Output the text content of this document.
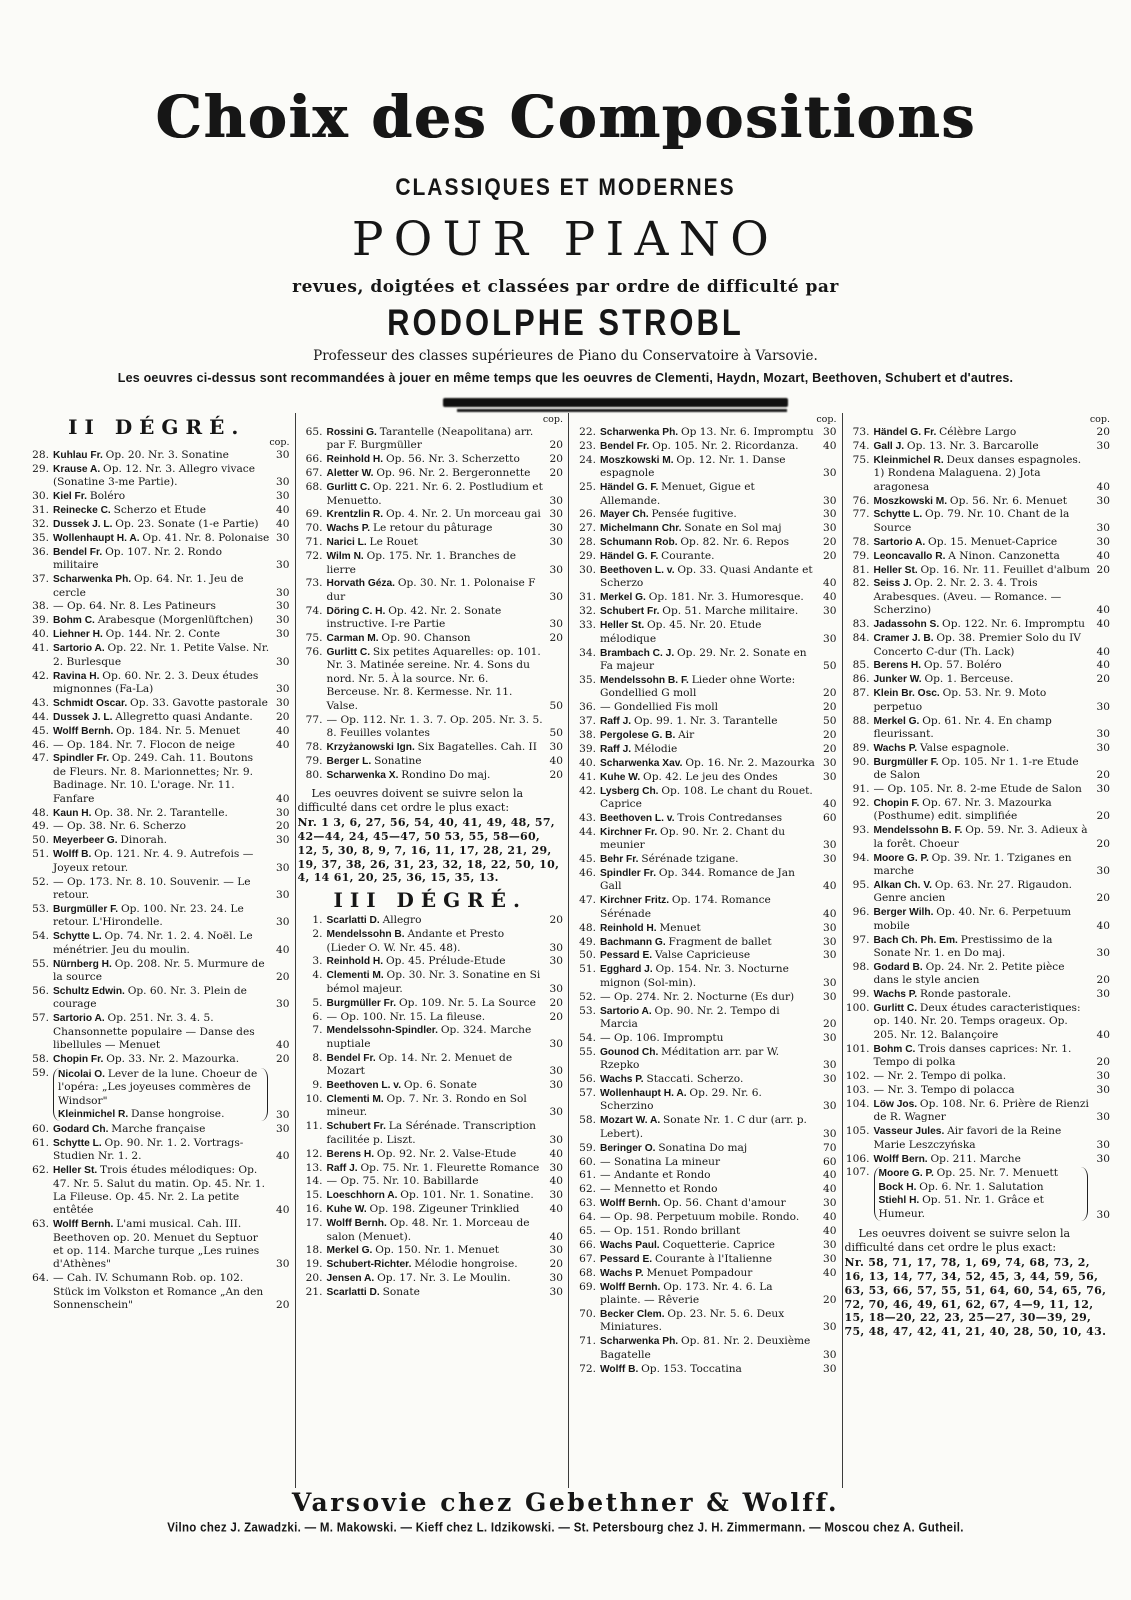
Choix des Compositions
CLASSIQUES ET MODERNES
POUR PIANO
revues, doigtées et classées par ordre de difficulté par
RODOLPHE STROBL
Professeur des classes supérieures de Piano du Conservatoire à Varsovie.
Les oeuvres ci-dessus sont recommandées à jouer en même temps que les oeuvres de Clementi, Haydn, Mozart, Beethoven, Schubert et d'autres.
II DÉGRÉ.
cop.
28. Kuhlau Fr. Op. 20. Nr. 3. Sonatine	30
29. Krause A. Op. 12. Nr. 3. Allegro vivace (Sonatine 3-me Partie).	30
30. Kiel Fr. Boléro	30
31. Reinecke C. Scherzo et Etude	40
32. Dussek J. L. Op. 23. Sonate (1-e Partie)	40
35. Wollenhaupt H. A. Op. 41. Nr. 8. Polonaise 30
36. Bendel Fr. Op. 107. Nr. 2. Rondo militaire	30
37. Scharwenka Ph. Op. 64. Nr. 1. Jeu de cercle	30
38. — Op. 64. Nr. 8. Les Patineurs	30
39. Bohm C. Arabesque (Morgenlüftchen)	30
40. Liehner H. Op. 144. Nr. 2. Conte	30
41. Sartorio A. Op. 22. Nr. 1. Petite Valse. Nr. 2. Burlesque	30
42. Ravina H. Op. 60. Nr. 2. 3. Deux études mignonnes (Fa-La)	30
43. Schmidt Oscar. Op. 33. Gavotte pastorale 30
44. Dussek J. L. Allegretto quasi Andante.	20
45. Wolff Bernh. Op. 184. Nr. 5. Menuet	40
46. — Op. 184. Nr. 7. Flocon de neige	40
47. Spindler Fr. Op. 249. Cah. 11. Boutons de Fleurs. Nr. 8. Marionnettes; Nr. 9. Badinage. Nr. 10. L'orage. Nr. 11. Fanfare	40
48. Kaun H. Op. 38. Nr. 2. Tarantelle.	30
49. — Op. 38. Nr. 6. Scherzo	20
50. Meyerbeer G. Dinorah.	30
51. Wolff B. Op. 121. Nr. 4. 9. Autrefois — Joyeux retour.	30
52. — Op. 173. Nr. 8. 10. Souvenir. — Le retour.	30
53. Burgmüller F. Op. 100. Nr. 23. 24. Le retour. L'Hirondelle.	30
54. Schytte L. Op. 74. Nr. 1. 2. 4. Noël. Le ménétrier. Jeu du moulin.	40
55. Nürnberg H. Op. 208. Nr. 5. Murmure de la source	20
56. Schultz Edwin. Op. 60. Nr. 3. Plein de courage	30
57. Sartorio A. Op. 251. Nr. 3. 4. 5. Chansonnette populaire — Danse des libellules — Menuet	40
58. Chopin Fr. Op. 33. Nr. 2. Mazourka.	20
59. Nicolai O. Lever de la lune. Choeur de l'opéra: „Les joyeuses commères de Windsor"
Kleinmichel R. Danse hongroise.	30
60. Godard Ch. Marche française	30
61. Schytte L. Op. 90. Nr. 1. 2. Vortrags-Studien Nr. 1. 2.	40
62. Heller St. Trois études mélodiques: Op. 47. Nr. 5. Salut du matin. Op. 45. Nr. 1. La Fileuse. Op. 45. Nr. 2. La petite entêtée	40
63. Wolff Bernh. L'ami musical. Cah. III. Beethoven op. 20. Menuet du Septuor et op. 114. Marche turque „Les ruines d'Athènes"	30
64. — Cah. IV. Schumann Rob. op. 102. Stück im Volkston et Romance „An den Sonnenschein"	20
cop.
65. Rossini G. Tarantelle (Neapolitana) arr. par F. Burgmüller	20
66. Reinhold H. Op. 56. Nr. 3. Scherzetto	20
67. Aletter W. Op. 96. Nr. 2. Bergeronnette	20
68. Gurlitt C. Op. 221. Nr. 6. 2. Postludium et Menuetto.	30
69. Krentzlin R. Op. 4. Nr. 2. Un morceau gai 30
70. Wachs P. Le retour du pâturage	30
71. Narici L. Le Rouet	30
72. Wilm N. Op. 175. Nr. 1. Branches de lierre	30
73. Horvath Géza. Op. 30. Nr. 1. Polonaise F dur	30
74. Döring C. H. Op. 42. Nr. 2. Sonate instructive. I-re Partie	30
75. Carman M. Op. 90. Chanson	20
76. Gurlitt C. Six petites Aquarelles: op. 101. Nr. 3. Matinée sereine. Nr. 4. Sons du nord. Nr. 5. À la source. Nr. 6. Berceuse. Nr. 8. Kermesse. Nr. 11. Valse.	50
77. — Op. 112. Nr. 1. 3. 7. Op. 205. Nr. 3. 5. 8. Feuilles volantes	50
78. Krzyżanowski Ign. Six Bagatelles. Cah. II	30
79. Berger L. Sonatine	40
80. Scharwenka X. Rondino Do maj.	20

Les oeuvres doivent se suivre selon la difficulté dans cet ordre le plus exact:

Nr. 1 3, 6, 27, 56, 54, 40, 41, 49, 48, 57, 42—44, 24, 45—47, 50 53, 55, 58—60, 12, 5, 30, 8, 9, 7, 16, 11, 17, 28, 21, 29, 19, 37, 38, 26, 31, 23, 32, 18, 22, 50, 10, 4, 14 61, 20, 25, 36, 15, 35, 13.

III DÉGRÉ.
1. Scarlatti D. Allegro	20
2. Mendelssohn B. Andante et Presto (Lieder O. W. Nr. 45. 48).	30
3. Reinhold H. Op. 45. Prélude-Etude	30
4. Clementi M. Op. 30. Nr. 3. Sonatine en Si bémol majeur.	30
5. Burgmüller Fr. Op. 109. Nr. 5. La Source	20
6. — Op. 100. Nr. 15. La fileuse.	20
7. Mendelssohn-Spindler. Op. 324. Marche nuptiale	30
8. Bendel Fr. Op. 14. Nr. 2. Menuet de Mozart	30
9. Beethoven L. v. Op. 6. Sonate	30
10. Clementi M. Op. 7. Nr. 3. Rondo en Sol mineur.	30
11. Schubert Fr. La Sérénade. Transcription facilitée p. Liszt.	30
12. Berens H. Op. 92. Nr. 2. Valse-Etude	40
13. Raff J. Op. 75. Nr. 1. Fleurette Romance 30
14. — Op. 75. Nr. 10. Babillarde	40
15. Loeschhorn A. Op. 101. Nr. 1. Sonatine.	30
16. Kuhe W. Op. 198. Zigeuner Trinklied	40
17. Wolff Bernh. Op. 48. Nr. 1. Morceau de salon (Menuet).	40
18. Merkel G. Op. 150. Nr. 1. Menuet	30
19. Schubert-Richter. Mélodie hongroise.	20
20. Jensen A. Op. 17. Nr. 3. Le Moulin.	30
21. Scarlatti D. Sonate	30
cop.
22. Scharwenka Ph. Op 13. Nr. 6. Impromptu 30
23. Bendel Fr. Op. 105. Nr. 2. Ricordanza.	40
24. Moszkowski M. Op. 12. Nr. 1. Danse espagnole	30
25. Händel G. F. Menuet, Gigue et Allemande.	30
26. Mayer Ch. Pensée fugitive.	30
27. Michelmann Chr. Sonate en Sol maj	30
28. Schumann Rob. Op. 82. Nr. 6. Repos	20
29. Händel G. F. Courante.	20
30. Beethoven L. v. Op. 33. Quasi Andante et Scherzo	40
31. Merkel G. Op. 181. Nr. 3. Humoresque.	40
32. Schubert Fr. Op. 51. Marche militaire.	30
33. Heller St. Op. 45. Nr. 20. Etude mélodique	30
34. Brambach C. J. Op. 29. Nr. 2. Sonate en Fa majeur	50
35. Mendelssohn B. F. Lieder ohne Worte: Gondellied G moll	20
36. — Gondellied Fis moll	20
37. Raff J. Op. 99. 1. Nr. 3. Tarantelle	50
38. Pergolese G. B. Air	20
39. Raff J. Mélodie	20
40. Scharwenka Xav. Op. 16. Nr. 2. Mazourka 30
41. Kuhe W. Op. 42. Le jeu des Ondes	30
42. Lysberg Ch. Op. 108. Le chant du Rouet. Caprice	40
43. Beethoven L. v. Trois Contredanses	60
44. Kirchner Fr. Op. 90. Nr. 2. Chant du meunier	30
45. Behr Fr. Sérénade tzigane.	30
46. Spindler Fr. Op. 344. Romance de Jan Gall	40
47. Kirchner Fritz. Op. 174. Romance Sérénade	40
48. Reinhold H. Menuet	30
49. Bachmann G. Fragment de ballet	30
50. Pessard E. Valse Capricieuse	30
51. Egghard J. Op. 154. Nr. 3. Nocturne mignon (Sol-min).	30
52. — Op. 274. Nr. 2. Nocturne (Es dur)	30
53. Sartorio A. Op. 90. Nr. 2. Tempo di Marcia	20
54. — Op. 106. Impromptu	30
55. Gounod Ch. Méditation arr. par W. Rzepko	30
56. Wachs P. Staccati. Scherzo.	30
57. Wollenhaupt H. A. Op. 29. Nr. 6. Scherzino	30
58. Mozart W. A. Sonate Nr. 1. C dur (arr. p. Lebert).	30
59. Beringer O. Sonatina Do maj	70
60. — Sonatina La mineur	60
61. — Andante et Rondo	40
62. — Mennetto et Rondo	40
63. Wolff Bernh. Op. 56. Chant d'amour	30
64. — Op. 98. Perpetuum mobile. Rondo.	40
65. — Op. 151. Rondo brillant	40
66. Wachs Paul. Coquetterie. Caprice	30
67. Pessard E. Courante à l'Italienne	30
68. Wachs P. Menuet Pompadour	40
69. Wolff Bernh. Op. 173. Nr. 4. 6. La plainte. — Rêverie	20
70. Becker Clem. Op. 23. Nr. 5. 6. Deux Miniatures.	30
71. Scharwenka Ph. Op. 81. Nr. 2. Deuxième Bagatelle	30
72. Wolff B. Op. 153. Toccatina	30
cop.
73. Händel G. Fr. Célèbre Largo	20
74. Gall J. Op. 13. Nr. 3. Barcarolle	30
75. Kleinmichel R. Deux danses espagnoles. 1) Rondena Malaguena. 2) Jota aragonesa	40
76. Moszkowski M. Op. 56. Nr. 6. Menuet	30
77. Schytte L. Op. 79. Nr. 10. Chant de la Source	30
78. Sartorio A. Op. 15. Menuet-Caprice	30
79. Leoncavallo R. A Ninon. Canzonetta	40
81. Heller St. Op. 16. Nr. 11. Feuillet d'album 20
82. Seiss J. Op. 2. Nr. 2. 3. 4. Trois Arabesques. (Aveu. — Romance. — Scherzino)	40
83. Jadassohn S. Op. 122. Nr. 6. Impromptu	40
84. Cramer J. B. Op. 38. Premier Solo du IV Concerto C-dur (Th. Lack)	40
85. Berens H. Op. 57. Boléro	40
86. Junker W. Op. 1. Berceuse.	20
87. Klein Br. Osc. Op. 53. Nr. 9. Moto perpetuo	30
88. Merkel G. Op. 61. Nr. 4. En champ fleurissant.	30
89. Wachs P. Valse espagnole.	30
90. Burgmüller F. Op. 105. Nr 1. 1-re Etude de Salon	20
91. — Op. 105. Nr. 8. 2-me Etude de Salon	30
92. Chopin F. Op. 67. Nr. 3. Mazourka (Posthume) edit. simplifiée	20
93. Mendelssohn B. F. Op. 59. Nr. 3. Adieux à la forêt. Choeur	20
94. Moore G. P. Op. 39. Nr. 1. Tziganes en marche	30
95. Alkan Ch. V. Op. 63. Nr. 27. Rigaudon. Genre ancien	20
96. Berger Wilh. Op. 40. Nr. 6. Perpetuum mobile	40
97. Bach Ch. Ph. Em. Prestissimo de la Sonate Nr. 1. en Do maj.	30
98. Godard B. Op. 24. Nr. 2. Petite pièce dans le style ancien	20
99. Wachs P. Ronde pastorale.	30
100. Gurlitt C. Deux études caracteristiques: op. 140. Nr. 20. Temps orageux. Op. 205. Nr. 12. Balançoire	40
101. Bohm C. Trois danses caprices: Nr. 1. Tempo di polka	20
102. — Nr. 2. Tempo di polka.	30
103. — Nr. 3. Tempo di polacca	30
104. Löw Jos. Op. 108. Nr. 6. Prière de Rienzi de R. Wagner	30
105. Vasseur Jules. Air favori de la Reine Marie Leszczyńska	30
106. Wolff Bern. Op. 211. Marche	30
107. Moore G. P. Op. 25. Nr. 7. Menuett
Bock H. Op. 6. Nr. 1. Salutation
Stiehl H. Op. 51. Nr. 1. Grâce et Humeur.	30

Les oeuvres doivent se suivre selon la difficulté dans cet ordre le plus exact:

Nr. 58, 71, 17, 78, 1, 69, 74, 68, 73, 2, 16, 13, 14, 77, 34, 52, 45, 3, 44, 59, 56, 63, 53, 66, 57, 55, 51, 64, 60, 54, 65, 76, 72, 70, 46, 49, 61, 62, 67, 4—9, 11, 12, 15, 18—20, 22, 23, 25—27, 30—39, 29, 75, 48, 47, 42, 41, 21, 40, 28, 50, 10, 43.

Varsovie chez Gebethner & Wolff.
Vilno chez J. Zawadzki. — M. Makowski. — Kieff chez L. Idzikowski. — St. Petersbourg chez J. H. Zimmermann. — Moscou chez A. Gutheil.
